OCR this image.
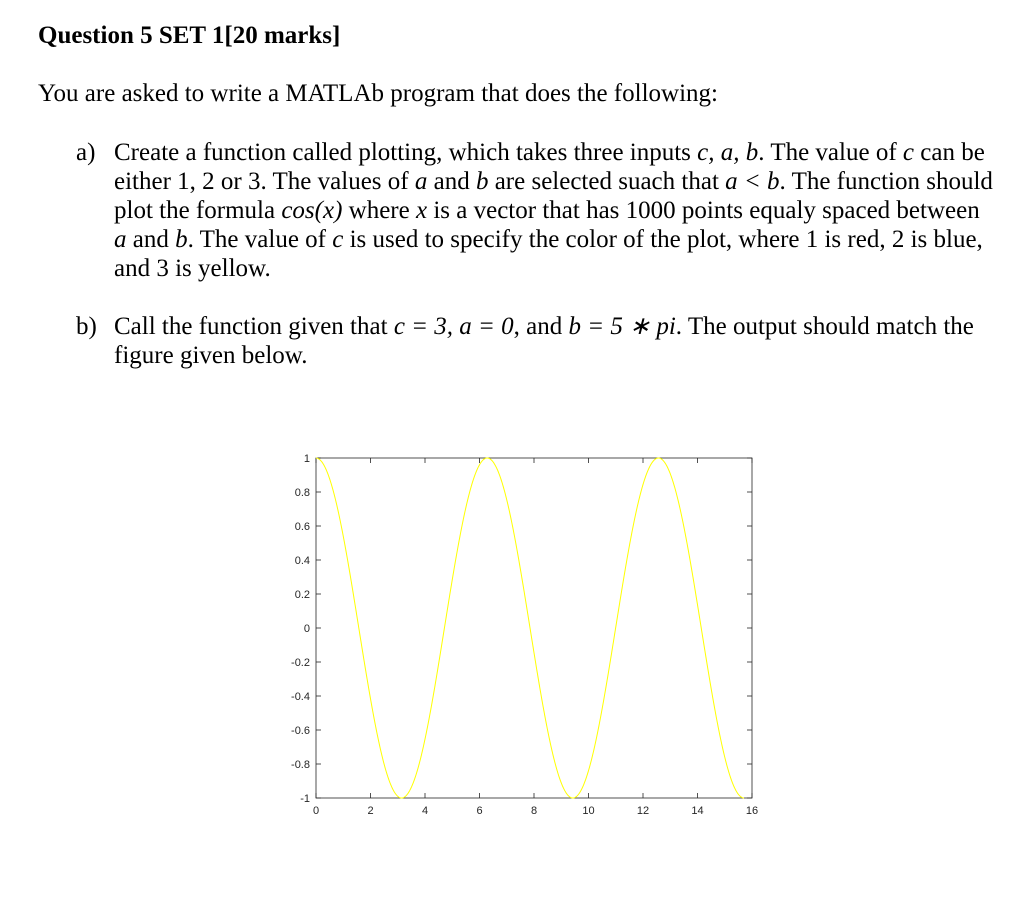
Question 5 SET 1[20 marks]
You are asked to write a MATLAb program that does the following:
a) Create a function called plotting, which takes three inputs c, a, b. The value of c can be
either 1, 2 or 3. The values of a and b are selected suach that a < b. The function should
plot the formula cos(x) where x is a vector that has 1000 points equaly spaced between
a and b. The value of c is used to specify the color of the plot, where 1 is red, 2 is blue,
and 3 is yellow.
b) Call the function given that c = 3, a = 0, and b = 5 ∗ pi. The output should match the
figure given below.
0	2	4	6	8	10	12	14	16
1
0.8
0.6
0.4
0.2
0
-0.2
-0.4
-0.6
-0.8
-1
